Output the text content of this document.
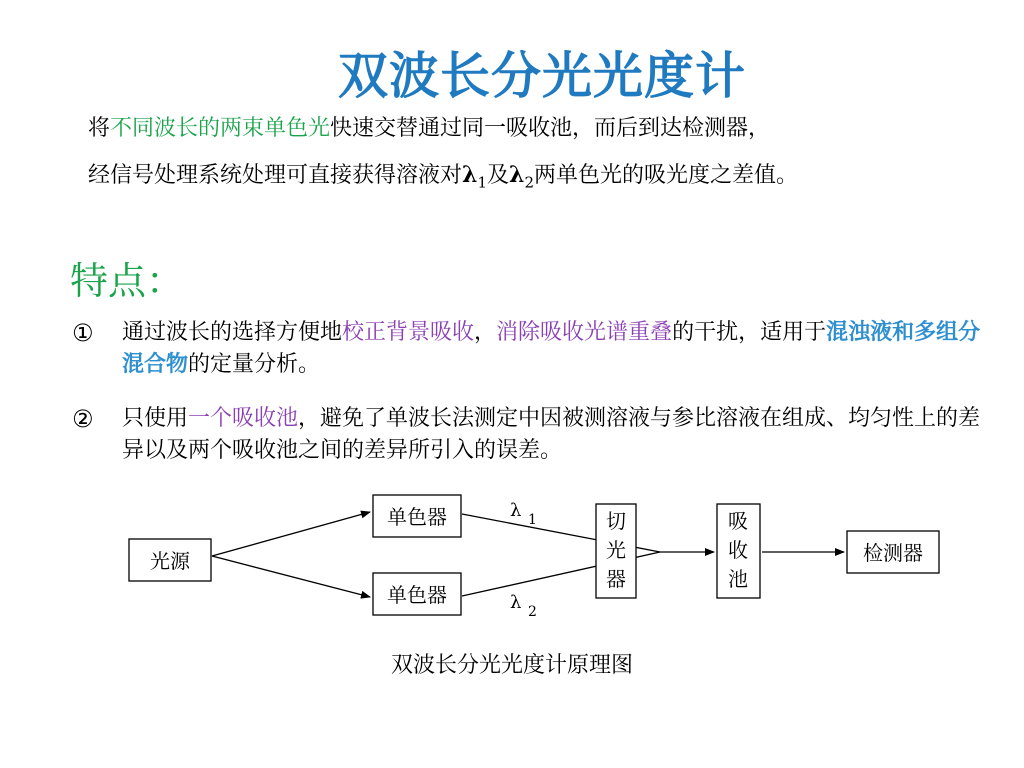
双波长分光光度计
将不同波长的两束单色光快速交替通过同一吸收池，而后到达检测器，
经信号处理系统处理可直接获得溶液对$\lambda_1$及$\lambda_2$两单色光的吸光度之差值。
特点：
①	通过波长的选择方便地校正背景吸收，消除吸收光谱重叠的干扰，适用于混浊液和多组分混合物的定量分析。
②	只使用一个吸收池，避免了单波长法测定中因被测溶液与参比溶液在组成、均匀性上的差异以及两个吸收池之间的差异所引入的误差。
光源
单色器
单色器
λ 1
λ 2
切
光
器
吸
收
池
检测器
双波长分光光度计原理图
